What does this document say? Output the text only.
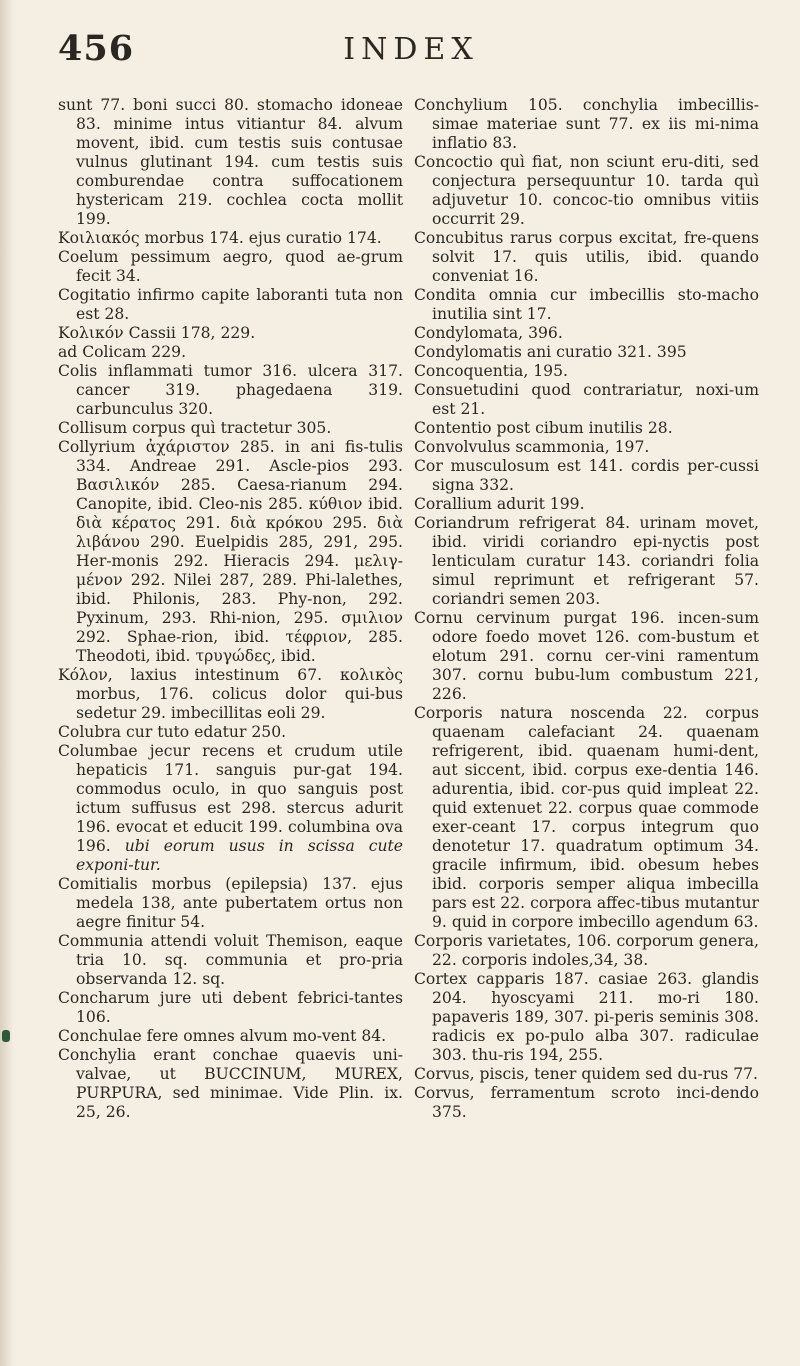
456	INDEX

sunt 77. boni succi 80. stomacho idoneae 83. minime intus vitiantur 84. alvum movent, ibid. cum testis suis contusae vulnus glutinant 194. cum testis suis comburendae contra suffocationem hystericam 219. cochlea cocta mollit 199.

Κοιλιακός morbus 174. ejus curatio 174.

Coelum pessimum aegro, quod ae-grum fecit 34.

Cogitatio infirmo capite laboranti tuta non est 28.

Κολικόν Cassii 178, 229.

ad Colicam 229.

Colis inflammati tumor 316. ulcera 317. cancer 319. phagedaena 319. carbunculus 320.

Collisum corpus quì tractetur 305.

Collyrium ἀχάριστον 285. in ani fis-tulis 334. Andreae 291. Ascle-pios 293. Βασιλικόν 285. Caesa-rianum 294. Canopite, ibid. Cleo-nis 285. κύθιον ibid. διὰ κέρατος 291. διὰ κρόκου 295. διὰ λιβάνου 290. Euelpidis 285, 291, 295. Her-monis 292. Hieracis 294. μελιγ-μένον 292. Nilei 287, 289. Phi-lalethes, ibid. Philonis, 283. Phy-non, 292. Pyxinum, 293. Rhi-nion, 295. σμιλιον 292. Sphae-rion, ibid. τέφριον, 285. Theodoti, ibid. τρυγώδες, ibid.

Κόλον, laxius intestinum 67. κολικὸς morbus, 176. colicus dolor qui-bus sedetur 29. imbecillitas eoli 29.

Colubra cur tuto edatur 250.

Columbae jecur recens et crudum utile hepaticis 171. sanguis pur-gat 194. commodus oculo, in quo sanguis post ictum suffusus est 298. stercus adurit 196. evocat et educit 199. columbina ova 196. ubi eorum usus in scissa cute exponi-tur.

Comitialis morbus (epilepsia) 137. ejus medela 138, ante pubertatem ortus non aegre finitur 54.

Communia attendi voluit Themison, eaque tria 10. sq. communia et pro-pria observanda 12. sq.

Concharum jure uti debent febrici-tantes 106.

Conchulae fere omnes alvum mo-vent 84.

Conchylia erant conchae quaevis uni-valvae, ut BUCCINUM, MUREX, PURPURA, sed minimae. Vide Plin. ix. 25, 26.

Conchylium 105. conchylia imbecillis-simae materiae sunt 77. ex iis mi-nima inflatio 83.

Concoctio quì fiat, non sciunt eru-diti, sed conjectura persequuntur 10. tarda quì adjuvetur 10. concoc-tio omnibus vitiis occurrit 29.

Concubitus rarus corpus excitat, fre-quens solvit 17. quis utilis, ibid. quando conveniat 16.

Condita omnia cur imbecillis sto-macho inutilia sint 17.

Condylomata, 396.

Condylomatis ani curatio 321. 395

Concoquentia, 195.

Consuetudini quod contrariatur, noxi-um est 21.

Contentio post cibum inutilis 28.

Convolvulus scammonia, 197.

Cor musculosum est 141. cordis per-cussi signa 332.

Corallium adurit 199.

Coriandrum refrigerat 84. urinam movet, ibid. viridi coriandro epi-nyctis post lenticulam curatur 143. coriandri folia simul reprimunt et refrigerant 57. coriandri semen 203.

Cornu cervinum purgat 196. incen-sum odore foedo movet 126. com-bustum et elotum 291. cornu cer-vini ramentum 307. cornu bubu-lum combustum 221, 226.

Corporis natura noscenda 22. corpus quaenam calefaciant 24. quaenam refrigerent, ibid. quaenam humi-dent, aut siccent, ibid. corpus exe-dentia 146. adurentia, ibid. cor-pus quid impleat 22. quid extenuet 22. corpus quae commode exer-ceant 17. corpus integrum quo denotetur 17. quadratum optimum 34. gracile infirmum, ibid. obesum hebes ibid. corporis semper aliqua imbecilla pars est 22. corpora affec-tibus mutantur 9. quid in corpore imbecillo agendum 63.

Corporis varietates, 106. corporum genera, 22. corporis indoles,34, 38.

Cortex capparis 187. casiae 263. glandis 204. hyoscyami 211. mo-ri 180. papaveris 189, 307. pi-peris seminis 308. radicis ex po-pulo alba 307. radiculae 303. thu-ris 194, 255.

Corvus, piscis, tener quidem sed du-rus 77.

Corvus, ferramentum scroto inci-dendo 375.
